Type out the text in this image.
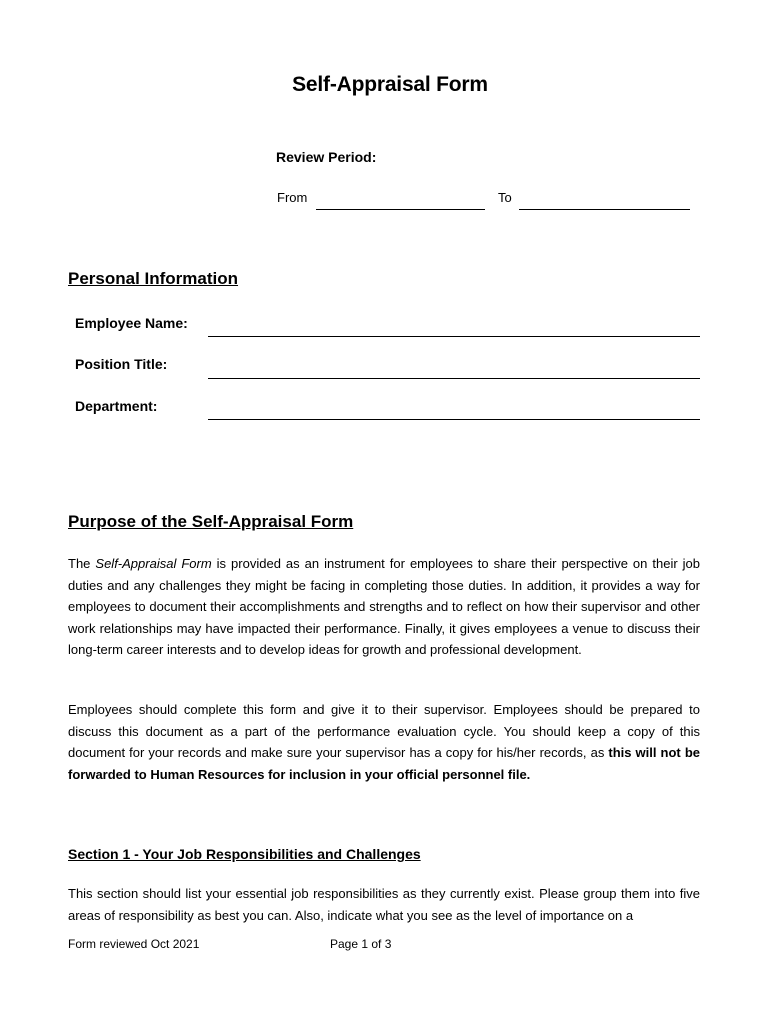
Self-Appraisal Form
Review Period:
From	To
Personal Information
Employee Name:
Position Title:
Department:
Purpose of the Self-Appraisal Form
The Self-Appraisal Form is provided as an instrument for employees to share their perspective on their job duties and any challenges they might be facing in completing those duties. In addition, it provides a way for employees to document their accomplishments and strengths and to reflect on how their supervisor and other work relationships may have impacted their performance. Finally, it gives employees a venue to discuss their long-term career interests and to develop ideas for growth and professional development.
Employees should complete this form and give it to their supervisor. Employees should be prepared to discuss this document as a part of the performance evaluation cycle. You should keep a copy of this document for your records and make sure your supervisor has a copy for his/her records, as this will not be forwarded to Human Resources for inclusion in your official personnel file.
Section 1 - Your Job Responsibilities and Challenges
This section should list your essential job responsibilities as they currently exist. Please group them into five areas of responsibility as best you can. Also, indicate what you see as the level of importance on a
Form reviewed Oct 2021	Page 1 of 3
